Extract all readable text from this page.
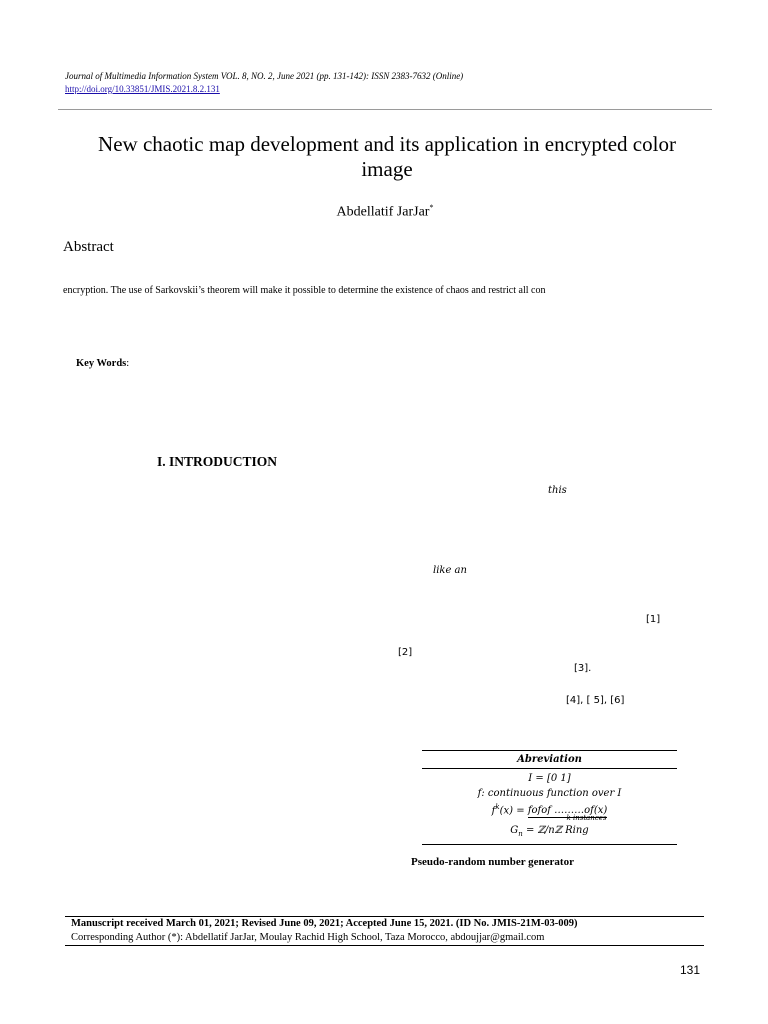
Journal of Multimedia Information System VOL. 8, NO. 2, June 2021 (pp. 131-142): ISSN 2383-7632 (Online)
http://doi.org/10.33851/JMIS.2021.8.2.131
New chaotic map development and its application in encrypted color image
Abdellatif JarJar*
Abstract
encryption. The use of Sarkovskii’s theorem will make it possible to determine the existence of chaos and restrict all con
Key Words:
I. INTRODUCTION
this
like an
[1]
[2]
[3].
[4], [ 5], [6]
Abreviation
I = [0 1]
f: continuous function over I
$f^k(x)$ = fofof ………of(x)
k instances
$G_n$ = ℤ/nℤ Ring
Pseudo-random number generator
Manuscript received March 01, 2021; Revised June 09, 2021; Accepted June 15, 2021. (ID No. JMIS-21M-03-009)
Corresponding Author (*): Abdellatif JarJar, Moulay Rachid High School, Taza Morocco, abdoujjar@gmail.com
131
